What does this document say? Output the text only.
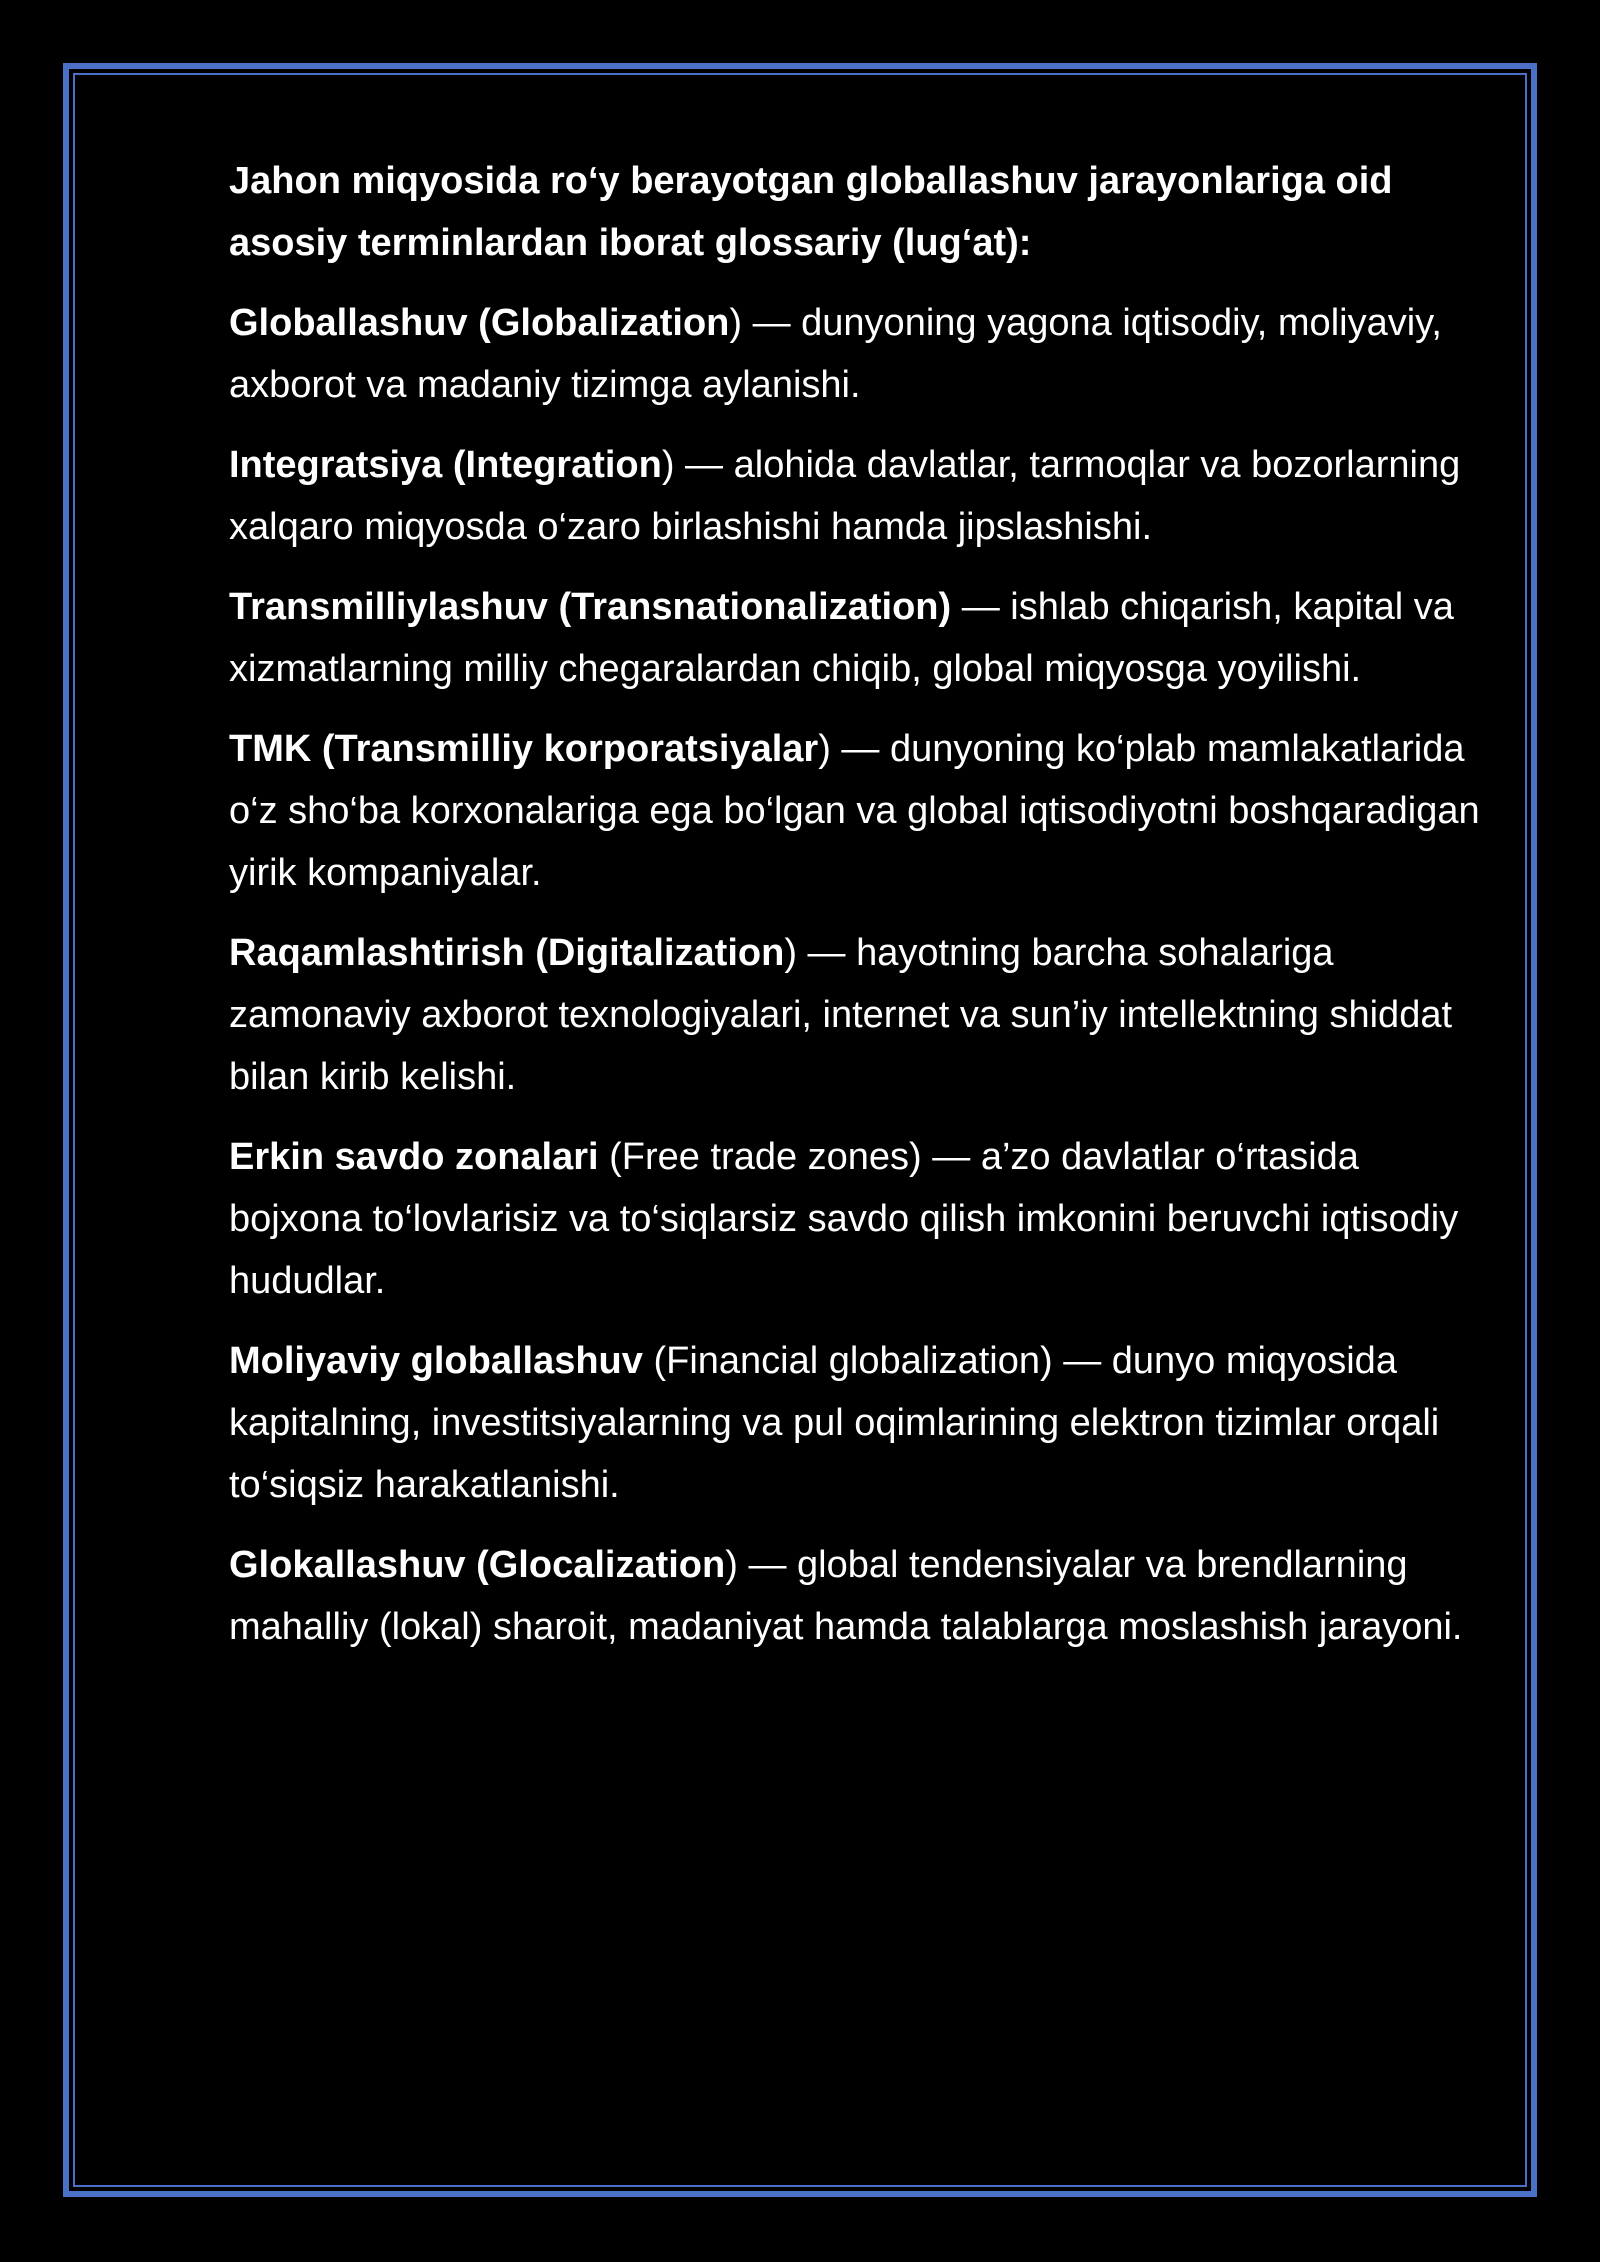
Jahon miqyosida ro‘y berayotgan globallashuv jarayonlariga oid  asosiy terminlardan iborat glossariy (lug‘at):

Globallashuv (Globalization) — dunyoning yagona iqtisodiy, moliyaviy, axborot va madaniy tizimga aylanishi.

Integratsiya (Integration) — alohida davlatlar, tarmoqlar va bozorlarning xalqaro miqyosda o‘zaro birlashishi hamda jipslashishi.

Transmilliylashuv (Transnationalization) — ishlab chiqarish, kapital va xizmatlarning milliy chegaralardan chiqib, global miqyosga yoyilishi.

TMK (Transmilliy korporatsiyalar) — dunyoning ko‘plab mamlakatlarida o‘z sho‘ba korxonalariga ega bo‘lgan va global iqtisodiyotni boshqaradigan yirik kompaniyalar.

Raqamlashtirish (Digitalization) — hayotning barcha sohalariga zamonaviy axborot texnologiyalari, internet va sun’iy intellektning shiddat bilan kirib kelishi.

Erkin savdo zonalari (Free trade zones) — a’zo davlatlar o‘rtasida bojxona to‘lovlarisiz va to‘siqlarsiz savdo qilish imkonini beruvchi iqtisodiy hududlar.

Moliyaviy globallashuv (Financial globalization) — dunyo miqyosida kapitalning, investitsiyalarning va pul oqimlarining elektron tizimlar orqali to‘siqsiz harakatlanishi.

Glokallashuv (Glocalization) — global tendensiyalar va brendlarning mahalliy (lokal) sharoit, madaniyat hamda talablarga moslashish jarayoni.
